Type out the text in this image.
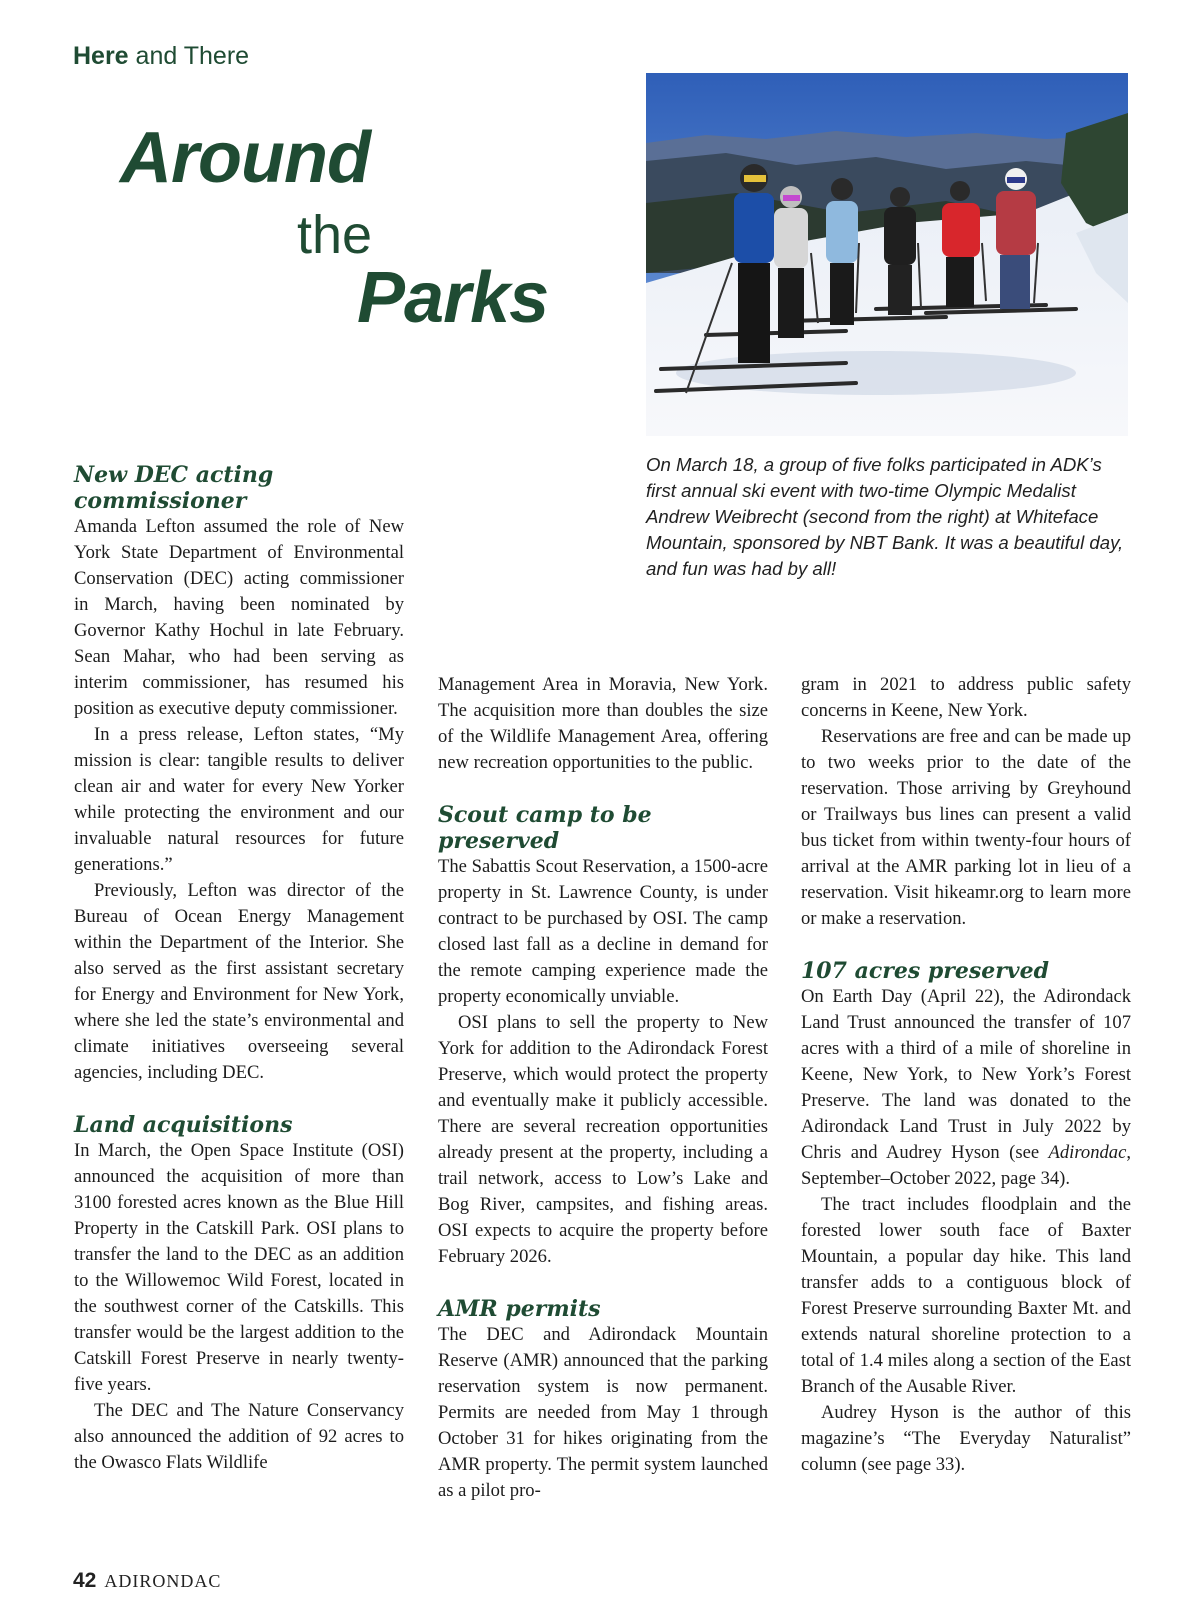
Here and There
Around
the
Parks
On March 18, a group of five folks participated in ADK’s first annual ski event with two-time Olympic Medalist Andrew Weibrecht (second from the right) at Whiteface Mountain, sponsored by NBT Bank. It was a beautiful day, and fun was had by all!
New DEC acting commissioner

Amanda Lefton assumed the role of New York State Department of Environmental Conservation (DEC) acting commissioner in March, having been nominated by Governor Kathy Hochul in late February. Sean Mahar, who had been serving as interim commissioner, has resumed his position as executive deputy commissioner.

In a press release, Lefton states, “My mission is clear: tangible results to deliver clean air and water for every New Yorker while protecting the environment and our invaluable natural resources for future generations.”

Previously, Lefton was director of the Bureau of Ocean Energy Management within the Department of the Interior. She also served as the first assistant secretary for Energy and Environment for New York, where she led the state’s environmental and climate initiatives overseeing several agencies, including DEC.

Land acquisitions

In March, the Open Space Institute (OSI) announced the acquisition of more than 3100 forested acres known as the Blue Hill Property in the Catskill Park. OSI plans to transfer the land to the DEC as an addition to the Willowemoc Wild Forest, located in the southwest corner of the Catskills. This transfer would be the largest addition to the Catskill Forest Preserve in nearly twenty-five years.

The DEC and The Nature Conservancy also announced the addition of 92 acres to the Owasco Flats Wildlife

Management Area in Moravia, New York. The acquisition more than doubles the size of the Wildlife Management Area, offering new recreation opportunities to the public.

Scout camp to be preserved

The Sabattis Scout Reservation, a 1500-acre property in St. Lawrence County, is under contract to be purchased by OSI. The camp closed last fall as a decline in demand for the remote camping experience made the property economically unviable.

OSI plans to sell the property to New York for addition to the Adirondack Forest Preserve, which would protect the property and eventually make it publicly accessible. There are several recreation opportunities already present at the property, including a trail network, access to Low’s Lake and Bog River, campsites, and fishing areas. OSI expects to acquire the property before February 2026.

AMR permits

The DEC and Adirondack Mountain Reserve (AMR) announced that the parking reservation system is now permanent. Permits are needed from May 1 through October 31 for hikes originating from the AMR property. The permit system launched as a pilot pro-

gram in 2021 to address public safety concerns in Keene, New York.

Reservations are free and can be made up to two weeks prior to the date of the reservation. Those arriving by Greyhound or Trailways bus lines can present a valid bus ticket from within twenty-four hours of arrival at the AMR parking lot in lieu of a reservation. Visit hikeamr.org to learn more or make a reservation.

107 acres preserved

On Earth Day (April 22), the Adirondack Land Trust announced the transfer of 107 acres with a third of a mile of shoreline in Keene, New York, to New York’s Forest Preserve. The land was donated to the Adirondack Land Trust in July 2022 by Chris and Audrey Hyson (see Adirondac, September–October 2022, page 34).

The tract includes floodplain and the forested lower south face of Baxter Mountain, a popular day hike. This land transfer adds to a contiguous block of Forest Preserve surrounding Baxter Mt. and extends natural shoreline protection to a total of 1.4 miles along a section of the East Branch of the Ausable River.

Audrey Hyson is the author of this magazine’s “The Everyday Naturalist” column (see page 33).

42 ADIRONDAC
